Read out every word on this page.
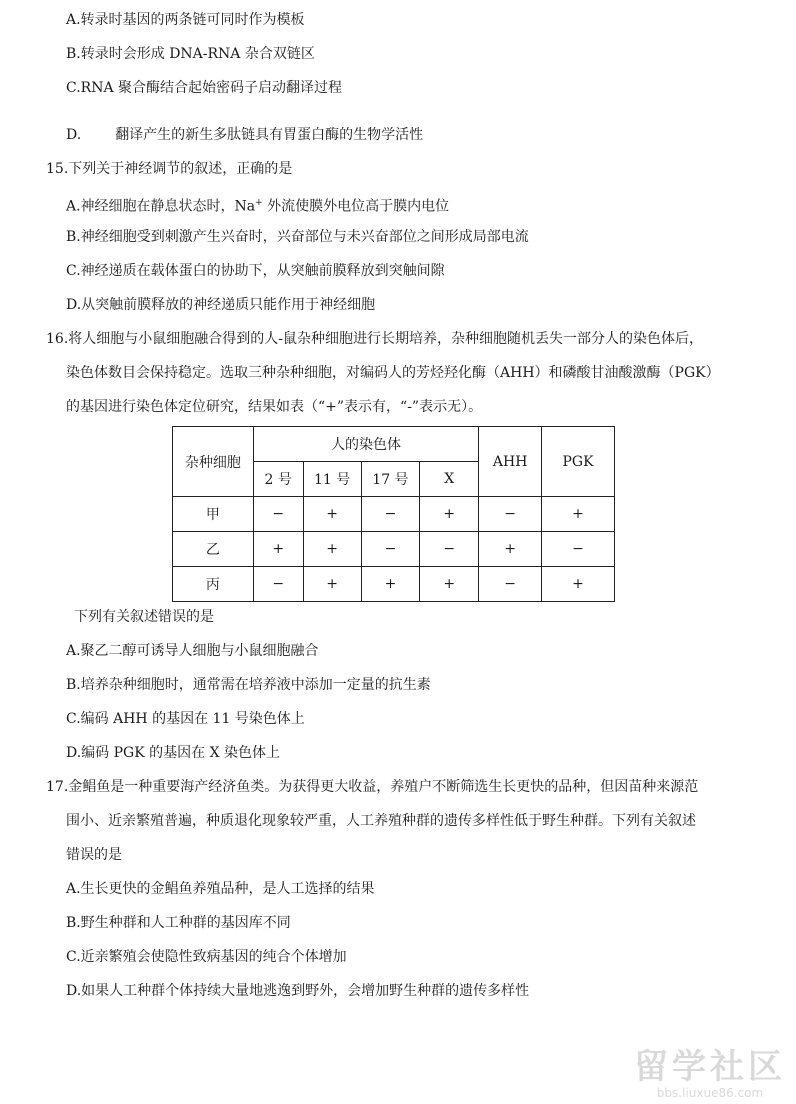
A.转录时基因的两条链可同时作为模板
B.转录时会形成 DNA-RNA 杂合双链区
C.RNA 聚合酶结合起始密码子启动翻译过程
D. 翻译产生的新生多肽链具有胃蛋白酶的生物学活性
15.下列关于神经调节的叙述，正确的是
A.神经细胞在静息状态时，Na+ 外流使膜外电位高于膜内电位
B.神经细胞受到刺激产生兴奋时，兴奋部位与未兴奋部位之间形成局部电流
C.神经递质在载体蛋白的协助下，从突触前膜释放到突触间隙
D.从突触前膜释放的神经递质只能作用于神经细胞
16.将人细胞与小鼠细胞融合得到的人-鼠杂种细胞进行长期培养，杂种细胞随机丢失一部分人的染色体后，
染色体数目会保持稳定。选取三种杂种细胞，对编码人的芳烃羟化酶（AHH）和磷酸甘油酸激酶（PGK）
的基因进行染色体定位研究，结果如表（“+”表示有，“-”表示无）。
杂种细胞	人的染色体				AHH	PGK
	2 号	11 号	17 号	X		
甲	−	+	−	+	−	+
乙	+	+	−	−	+	−
丙	−	+	+	+	−	+
下列有关叙述错误的是
A.聚乙二醇可诱导人细胞与小鼠细胞融合
B.培养杂种细胞时，通常需在培养液中添加一定量的抗生素
C.编码 AHH 的基因在 11 号染色体上
D.编码 PGK 的基因在 X 染色体上
17.金鲳鱼是一种重要海产经济鱼类。为获得更大收益，养殖户不断筛选生长更快的品种，但因苗种来源范
围小、近亲繁殖普遍，种质退化现象较严重，人工养殖种群的遗传多样性低于野生种群。下列有关叙述
错误的是
A.生长更快的金鲳鱼养殖品种，是人工选择的结果
B.野生种群和人工种群的基因库不同
C.近亲繁殖会使隐性致病基因的纯合个体增加
D.如果人工种群个体持续大量地逃逸到野外，会增加野生种群的遗传多样性
留学社区
bbs.liuxue86.com
